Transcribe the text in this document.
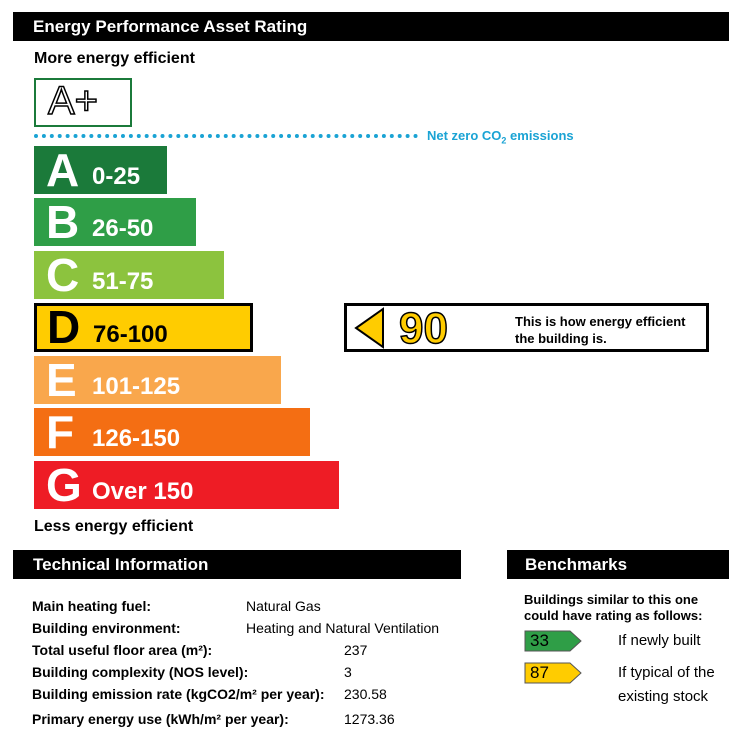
Energy Performance Asset Rating
More energy efficient
A+
Net zero $CO_2$ emissions
A 0-25
B 26-50
C 51-75
D 76-100
E 101-125
F 126-150
G Over 150
90	This is how energy efficient
the building is.
Less energy efficient
Technical Information
Main heating fuel:	Natural Gas
Building environment:	Heating and Natural Ventilation
Total useful floor area (m²):	237
Building complexity (NOS level):	3
Building emission rate (kgCO2/m² per year): 230.58
Primary energy use (kWh/m² per year):	1273.36
Benchmarks
Buildings similar to this one
could have rating as follows:
33	If newly built
87	If typical of the
existing stock
